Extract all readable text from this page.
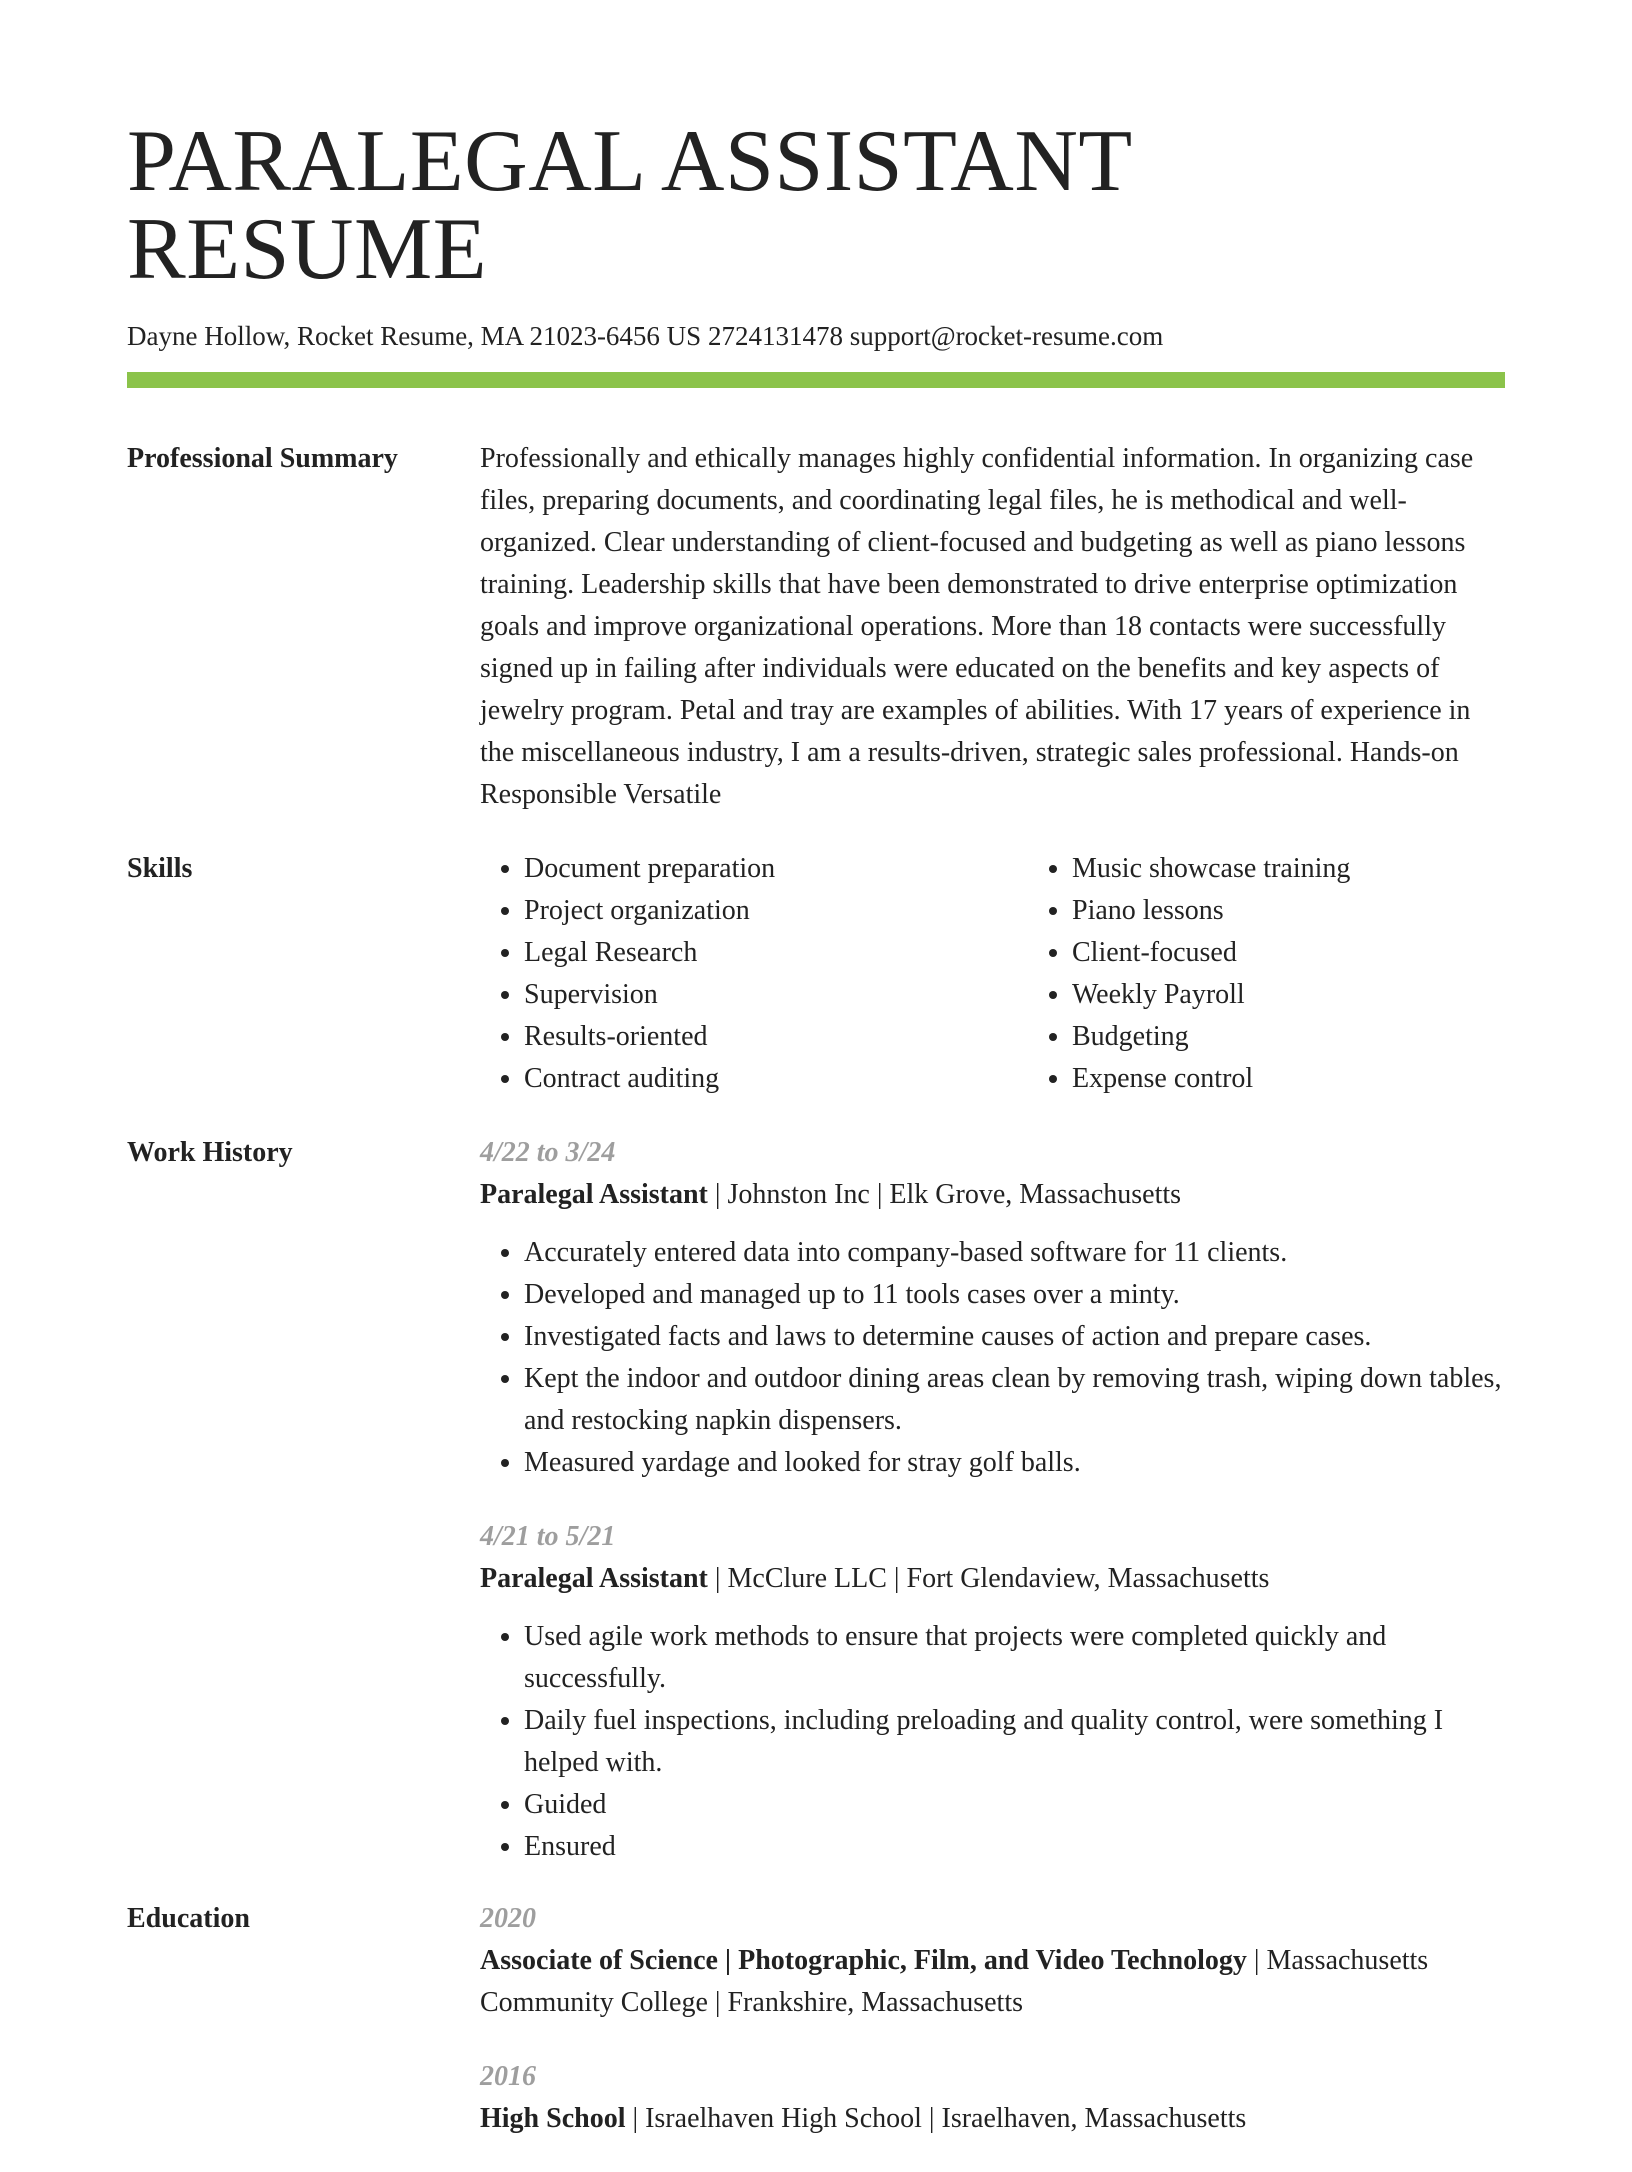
PARALEGAL ASSISTANT RESUME
Dayne Hollow, Rocket Resume, MA 21023-6456 US 2724131478 support@rocket-resume.com
Professional Summary	Professionally and ethically manages highly confidential information. In organizing case files, preparing documents, and coordinating legal files, he is methodical and well-organized. Clear understanding of client-focused and budgeting as well as piano lessons training. Leadership skills that have been demonstrated to drive enterprise optimization goals and improve organizational operations. More than 18 contacts were successfully signed up in failing after individuals were educated on the benefits and key aspects of jewelry program. Petal and tray are examples of abilities. With 17 years of experience in the miscellaneous industry, I am a results-driven, strategic sales professional. Hands-on Responsible Versatile

Skills
•	Document preparation
• Project organization
• Legal Research
• Supervision
• Results-oriented
• Contract auditing
• Music showcase training
• Piano lessons
• Client-focused
• Weekly Payroll
• Budgeting
• Expense control
Work History	4/22 to 3/24
Paralegal Assistant | Johnston Inc | Elk Grove, Massachusetts
• Accurately entered data into company-based software for 11 clients.
• Developed and managed up to 11 tools cases over a minty.
• Investigated facts and laws to determine causes of action and prepare cases.
• Kept the indoor and outdoor dining areas clean by removing trash, wiping down tables, and restocking napkin dispensers.
• Measured yardage and looked for stray golf balls.
4/21 to 5/21
Paralegal Assistant | McClure LLC | Fort Glendaview, Massachusetts
• Used agile work methods to ensure that projects were completed quickly and successfully.
• Daily fuel inspections, including preloading and quality control, were something I helped with.
• Guided
• Ensured
Education	2020
Associate of Science | Photographic, Film, and Video Technology | Massachusetts Community College | Frankshire, Massachusetts
2016
High School | Israelhaven High School | Israelhaven, Massachusetts
